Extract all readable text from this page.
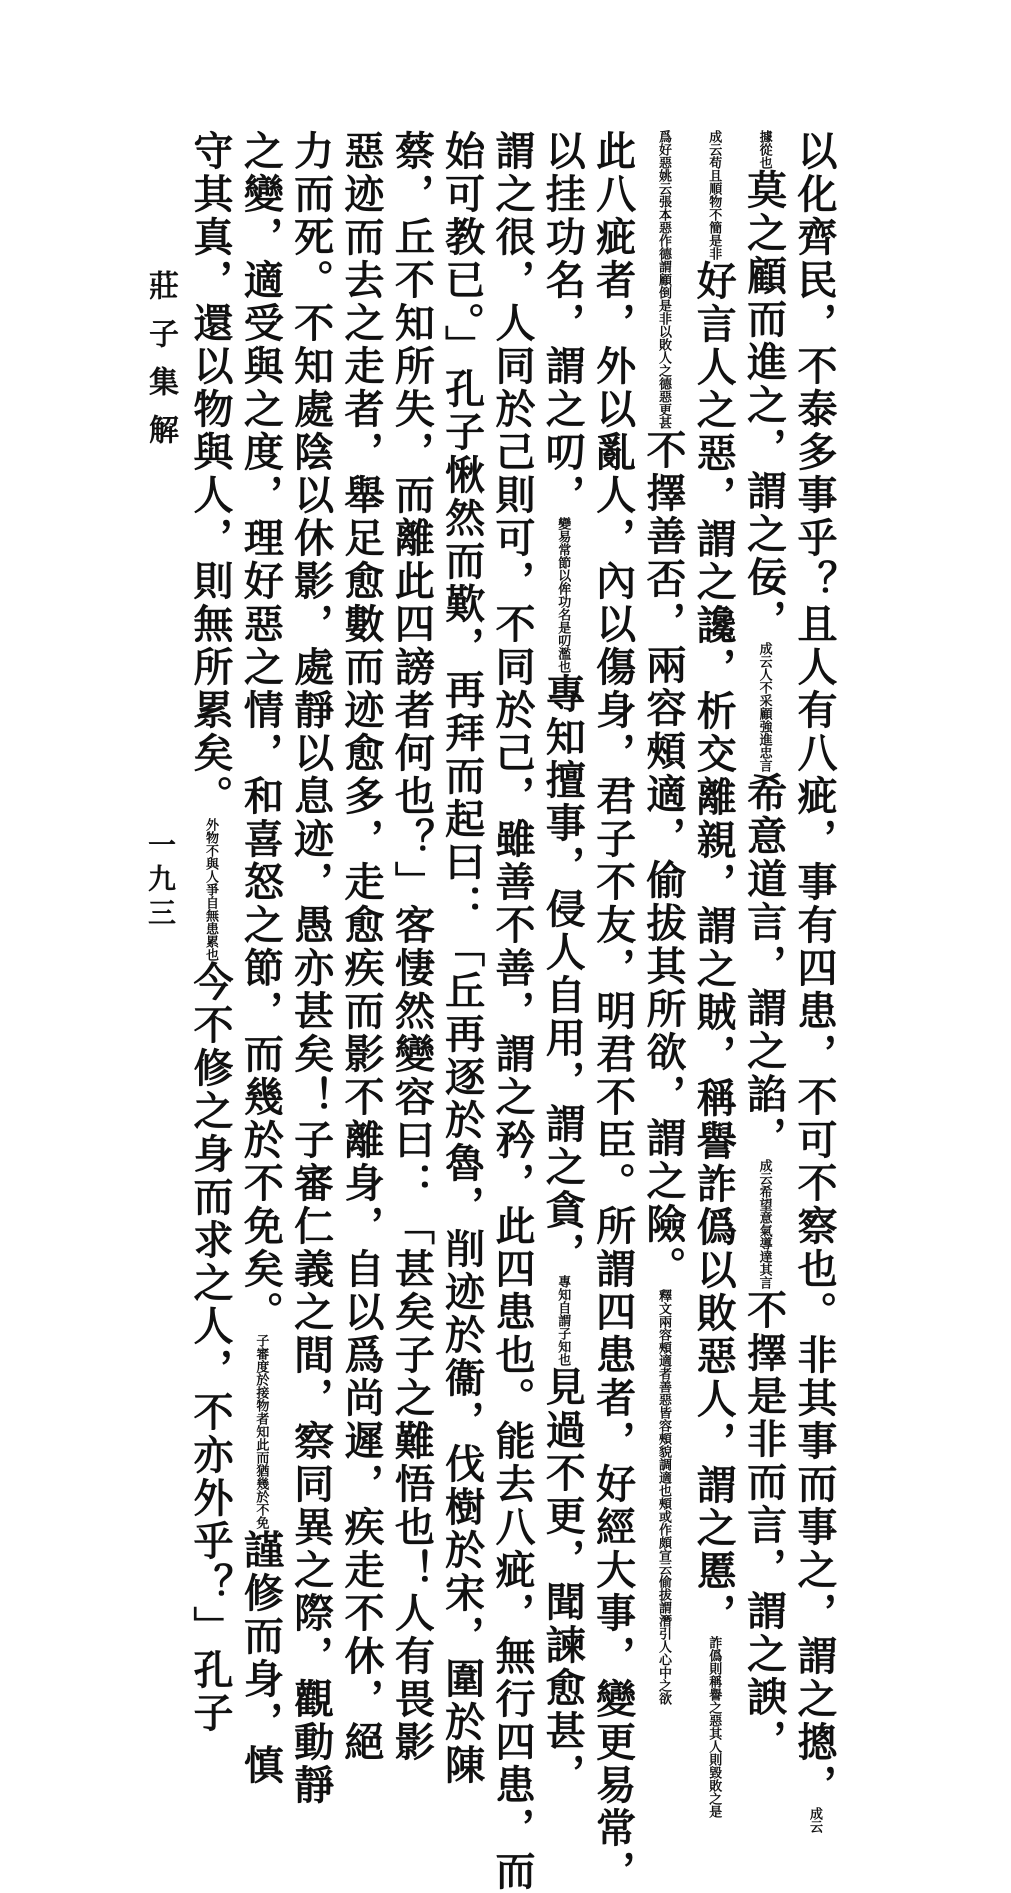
莊子集解
一九三	以化齊民，不泰多事乎？且人有八疵，事有四患，不可不察也。非其事而事之，謂之摠，成云
據從也莫之顧而進之，謂之佞，成云人不采顧強進忠言希意道言，謂之諂，成云希望意氣導達其言不擇是非而言，謂之諛，
成云苟且順物不簡是非好言人之惡，謂之讒，析交離親，謂之賊，稱譽詐僞以敗惡人，謂之慝，詐僞則稱譽之惡其人則毀敗之是
爲好惡姚云張本惡作德謂顧倒是非以敗人之德惡更甚不擇善否，兩容頰適，偷拔其所欲，謂之險。釋文兩容頰適者善惡皆容頰貌調適也頰或作頗宣云偷拔謂潛引人心中之欲
此八疵者，外以亂人，內以傷身，君子不友，明君不臣。所謂四患者，好經大事，變更易常，
以挂功名，謂之叨，變易常節以侔功名是叨濫也專知擅事，侵人自用，謂之貪，專知自謂子知也見過不更，聞諫愈甚，
謂之很，人同於己則可，不同於己，雖善不善，謂之矜，此四患也。能去八疵，無行四患，而
始可教已。」孔子愀然而歎，再拜而起曰：「丘再逐於魯，削迹於衞，伐樹於宋，圍於陳
蔡，丘不知所失，而離此四謗者何也？」客悽然變容曰：「甚矣子之難悟也！人有畏影
惡迹而去之走者，舉足愈數而迹愈多，走愈疾而影不離身，自以爲尚遲，疾走不休，絕
力而死。不知處陰以休影，處靜以息迹，愚亦甚矣！子審仁義之間，察同異之際，觀動靜
之變，適受與之度，理好惡之情，和喜怒之節，而幾於不免矣。子審度於接物者知此而猶幾於不免謹修而身，慎
守其真，還以物與人，則無所累矣。外物不與人爭自無患累也今不修之身而求之人，不亦外乎？」孔子
